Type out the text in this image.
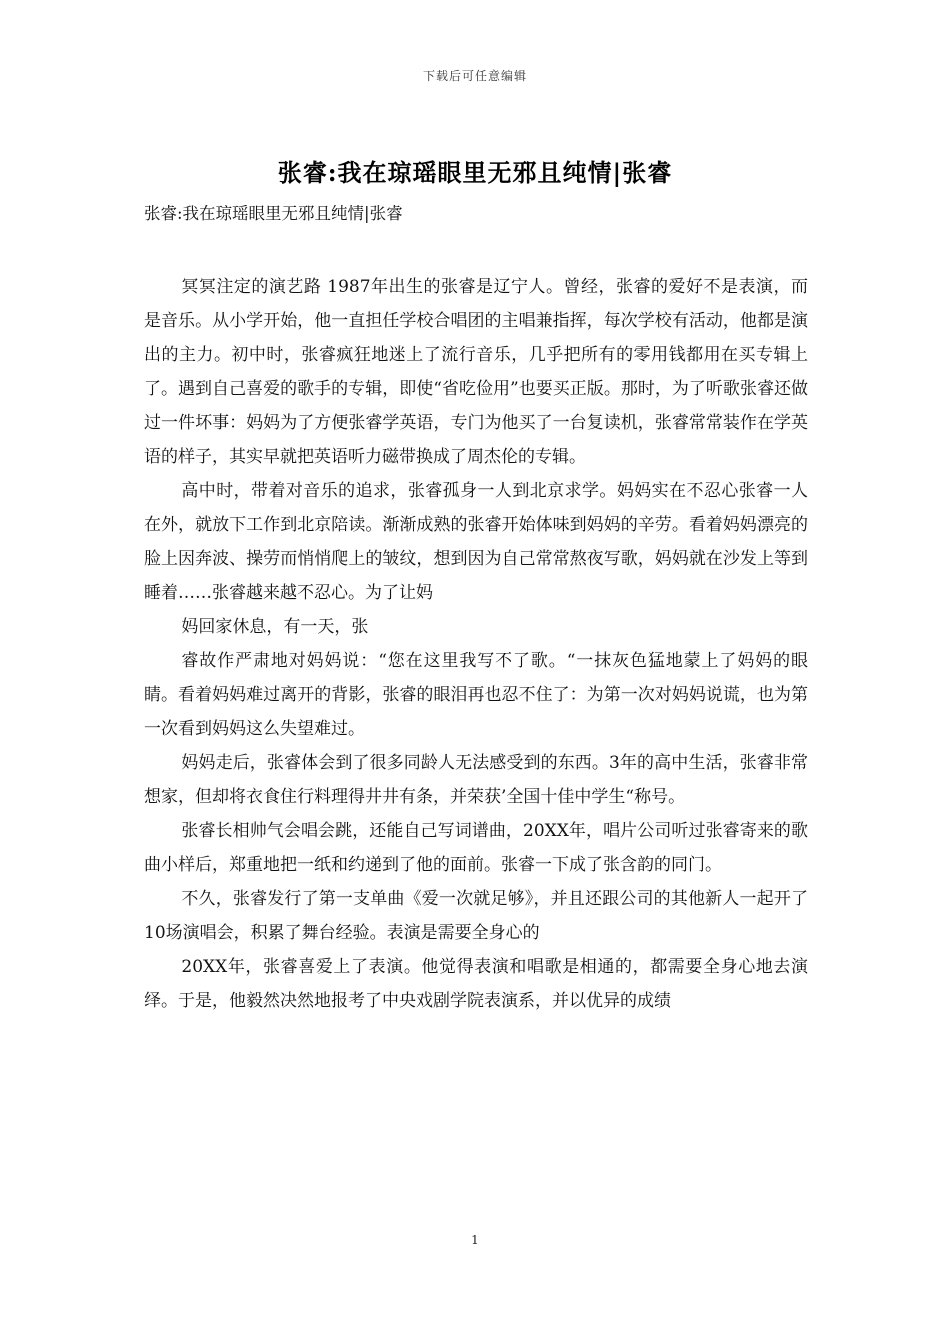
下载后可任意编辑
张睿:我在琼瑶眼里无邪且纯情|张睿
张睿:我在琼瑶眼里无邪且纯情|张睿

冥冥注定的演艺路 1987年出生的张睿是辽宁人。曾经，张睿的爱好不是表演，而是音乐。从小学开始，他一直担任学校合唱团的主唱兼指挥，每次学校有活动，他都是演出的主力。初中时，张睿疯狂地迷上了流行音乐，几乎把所有的零用钱都用在买专辑上了。遇到自己喜爱的歌手的专辑，即使“省吃俭用”也要买正版。那时，为了听歌张睿还做过一件坏事：妈妈为了方便张睿学英语，专门为他买了一台复读机，张睿常常装作在学英语的样子，其实早就把英语听力磁带换成了周杰伦的专辑。

高中时，带着对音乐的追求，张睿孤身一人到北京求学。妈妈实在不忍心张睿一人在外，就放下工作到北京陪读。渐渐成熟的张睿开始体味到妈妈的辛劳。看着妈妈漂亮的脸上因奔波、操劳而悄悄爬上的皱纹，想到因为自己常常熬夜写歌，妈妈就在沙发上等到睡着……张睿越来越不忍心。为了让妈

妈回家休息，有一天，张

睿故作严肃地对妈妈说：“您在这里我写不了歌。“一抹灰色猛地蒙上了妈妈的眼睛。看着妈妈难过离开的背影，张睿的眼泪再也忍不住了：为第一次对妈妈说谎，也为第一次看到妈妈这么失望难过。

妈妈走后，张睿体会到了很多同龄人无法感受到的东西。3年的高中生活，张睿非常想家，但却将衣食住行料理得井井有条，并荣获’全国十佳中学生“称号。

张睿长相帅气会唱会跳，还能自己写词谱曲，20XX年，唱片公司听过张睿寄来的歌曲小样后，郑重地把一纸和约递到了他的面前。张睿一下成了张含韵的同门。

不久，张睿发行了第一支单曲《爱一次就足够》，并且还跟公司的其他新人一起开了10场演唱会，积累了舞台经验。表演是需要全身心的

20XX年，张睿喜爱上了表演。他觉得表演和唱歌是相通的，都需要全身心地去演绎。于是，他毅然决然地报考了中央戏剧学院表演系，并以优异的成绩

1
